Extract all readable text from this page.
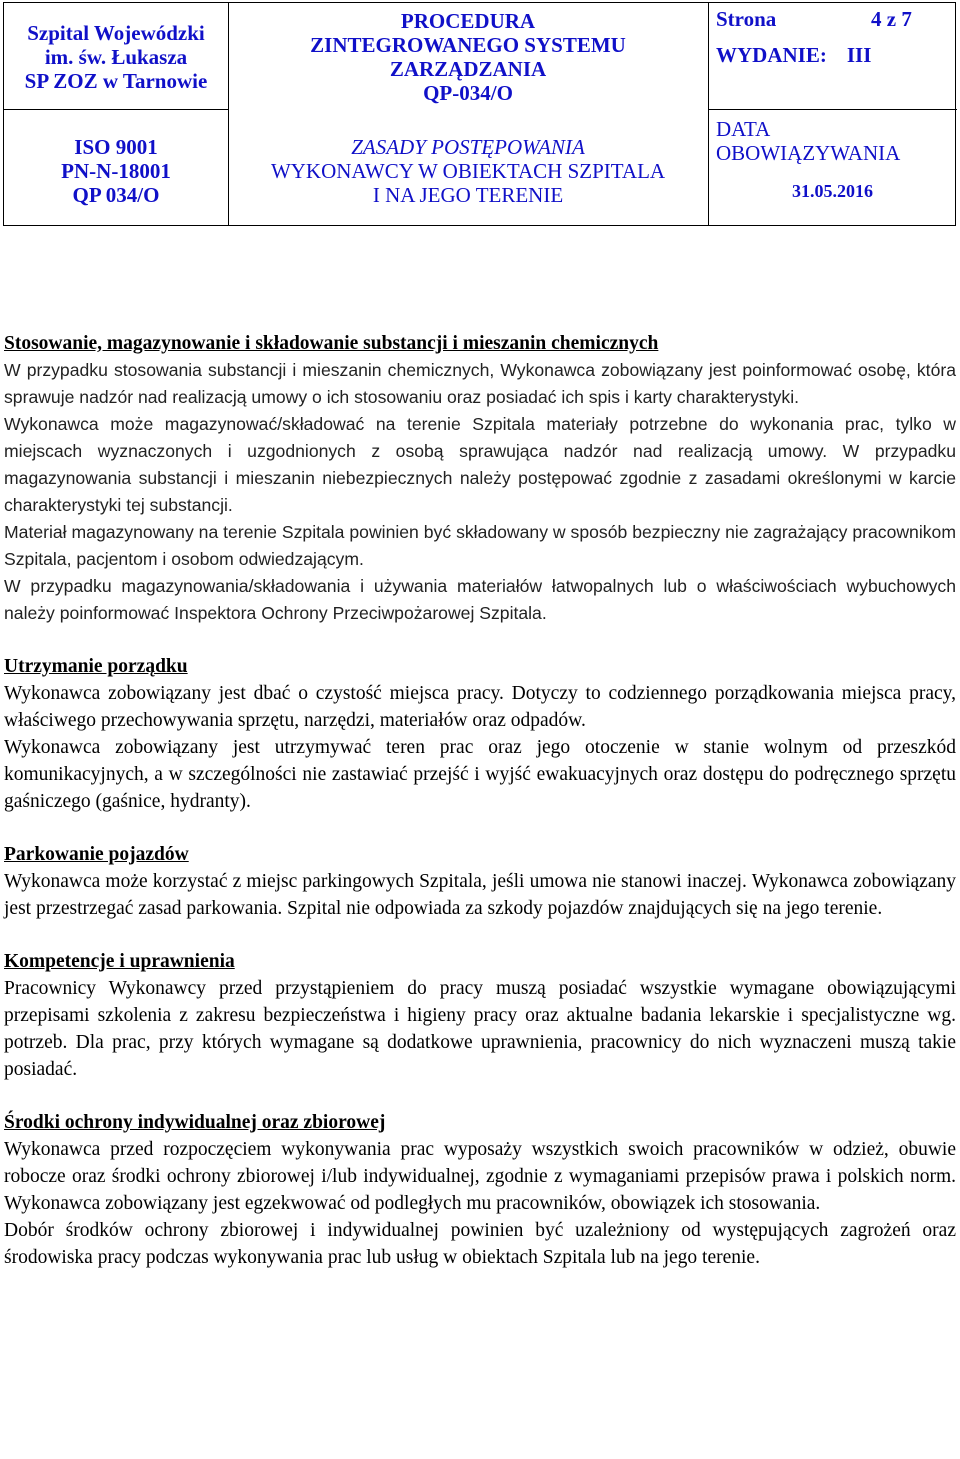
Szpital Wojewódzki
im. św. Łukasza
SP ZOZ w Tarnowie
PROCEDURA
ZINTEGROWANEGO SYSTEMU
ZARZĄDZANIA
QP-034/O
Strona	4 z 7
WYDANIE: III
ISO 9001
PN-N-18001
QP 034/O
ZASADY POSTĘPOWANIA
WYKONAWCY W OBIEKTACH SZPITALA
I NA JEGO TERENIE
DATA
OBOWIĄZYWANIA
31.05.2016

Stosowanie, magazynowanie i składowanie substancji i mieszanin chemicznych

W przypadku stosowania substancji i mieszanin chemicznych, Wykonawca zobowiązany jest poinformować osobę, która sprawuje nadzór nad realizacją umowy o ich stosowaniu oraz posiadać ich spis i karty charakterystyki.

Wykonawca może magazynować/składować na terenie Szpitala materiały potrzebne do wykonania prac, tylko w miejscach wyznaczonych i uzgodnionych z osobą sprawująca nadzór nad realizacją umowy. W przypadku magazynowania substancji i mieszanin niebezpiecznych należy postępować zgodnie z zasadami określonymi w karcie charakterystyki tej substancji.

Materiał magazynowany na terenie Szpitala powinien być składowany w sposób bezpieczny nie zagrażający pracownikom Szpitala, pacjentom i osobom odwiedzającym.

W przypadku magazynowania/składowania i używania materiałów łatwopalnych lub o właściwościach wybuchowych należy poinformować Inspektora Ochrony Przeciwpożarowej Szpitala.

Utrzymanie porządku

Wykonawca zobowiązany jest dbać o czystość miejsca pracy. Dotyczy to codziennego porządkowania miejsca pracy, właściwego przechowywania sprzętu, narzędzi, materiałów oraz odpadów.

Wykonawca zobowiązany jest utrzymywać teren prac oraz jego otoczenie w stanie wolnym od przeszkód komunikacyjnych, a w szczególności nie zastawiać przejść i wyjść ewakuacyjnych oraz dostępu do podręcznego sprzętu gaśniczego (gaśnice, hydranty).

Parkowanie pojazdów

Wykonawca może korzystać z miejsc parkingowych Szpitala, jeśli umowa nie stanowi inaczej. Wykonawca zobowiązany jest przestrzegać zasad parkowania. Szpital nie odpowiada za szkody pojazdów znajdujących się na jego terenie.

Kompetencje i uprawnienia

Pracownicy Wykonawcy przed przystąpieniem do pracy muszą posiadać wszystkie wymagane obowiązującymi przepisami szkolenia z zakresu bezpieczeństwa i higieny pracy oraz aktualne badania lekarskie i specjalistyczne wg. potrzeb. Dla prac, przy których wymagane są dodatkowe uprawnienia, pracownicy do nich wyznaczeni muszą takie posiadać.

Środki ochrony indywidualnej oraz zbiorowej

Wykonawca przed rozpoczęciem wykonywania prac wyposaży wszystkich swoich pracowników w odzież, obuwie robocze oraz środki ochrony zbiorowej i/lub indywidualnej, zgodnie z wymaganiami przepisów prawa i polskich norm. Wykonawca zobowiązany jest egzekwować od podległych mu pracowników, obowiązek ich stosowania.

Dobór środków ochrony zbiorowej i indywidualnej powinien być uzależniony od występujących zagrożeń oraz środowiska pracy podczas wykonywania prac lub usług w obiektach Szpitala lub na jego terenie.
